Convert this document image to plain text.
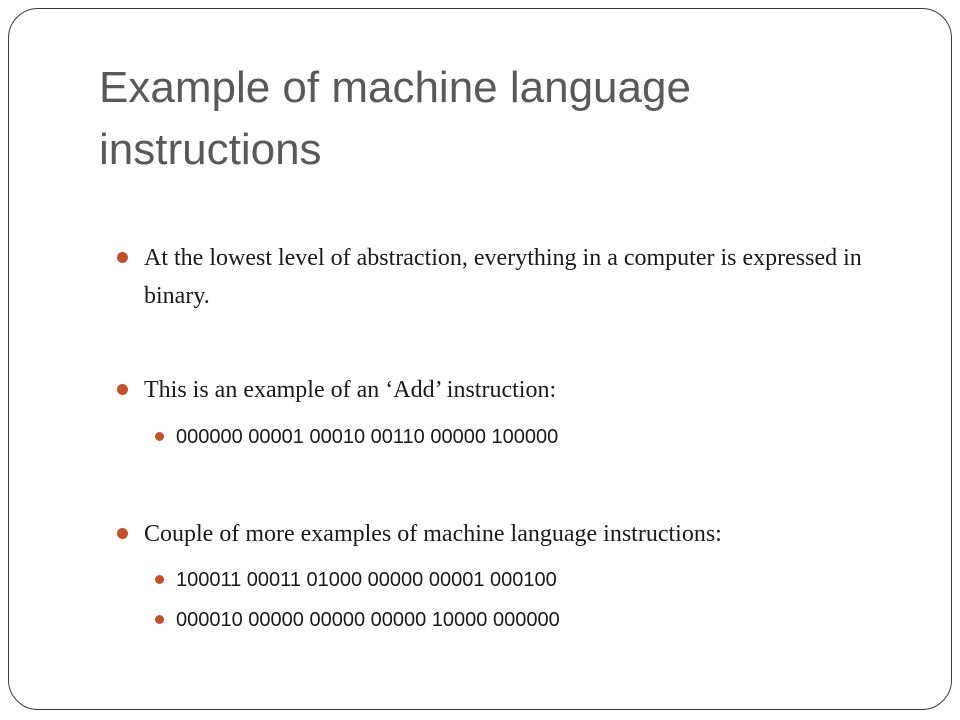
Example of machine language instructions
At the lowest level of abstraction, everything in a computer is expressed in binary.
This is an example of an ‘Add’ instruction:
000000 00001 00010 00110 00000 100000
Couple of more examples of machine language instructions:
100011 00011 01000 00000 00001 000100
000010 00000 00000 00000 10000 000000
